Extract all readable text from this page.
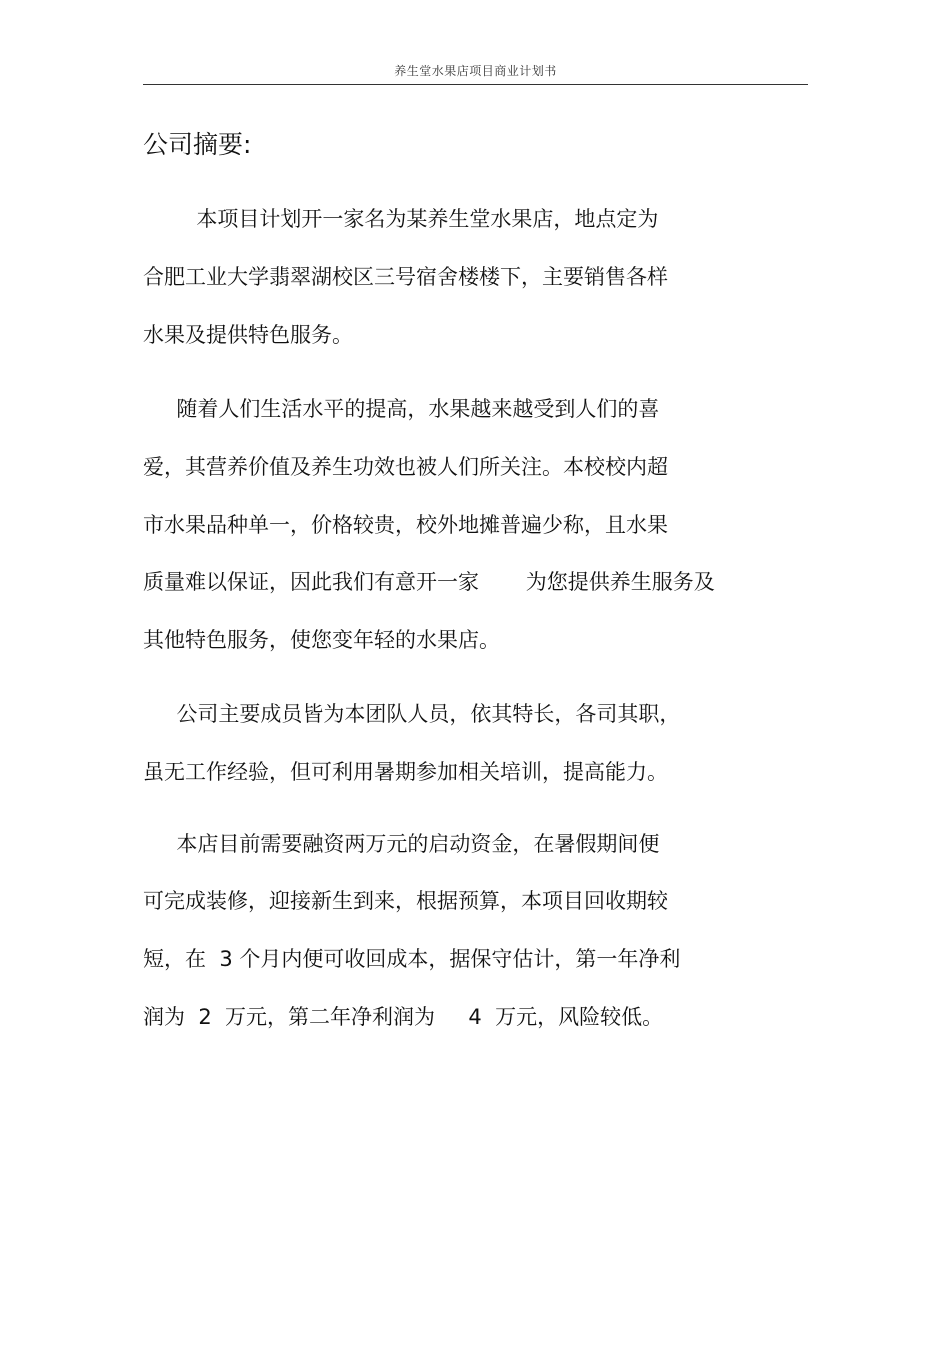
养生堂水果店项目商业计划书
公司摘要:
本项目计划开一家名为某养生堂水果店，地点定为
合肥工业大学翡翠湖校区三号宿舍楼楼下，主要销售各样
水果及提供特色服务。
随着人们生活水平的提高，水果越来越受到人们的喜
爱，其营养价值及养生功效也被人们所关注。本校校内超
市水果品种单一，价格较贵，校外地摊普遍少称，且水果
质量难以保证，因此我们有意开一家       为您提供养生服务及
其他特色服务，使您变年轻的水果店。
公司主要成员皆为本团队人员，依其特长，各司其职，
虽无工作经验，但可利用暑期参加相关培训，提高能力。
本店目前需要融资两万元的启动资金，在暑假期间便
可完成装修，迎接新生到来，根据预算，本项目回收期较
短，在  3 个月内便可收回成本，据保守估计，第一年净利
润为  2  万元，第二年净利润为     4  万元，风险较低。
